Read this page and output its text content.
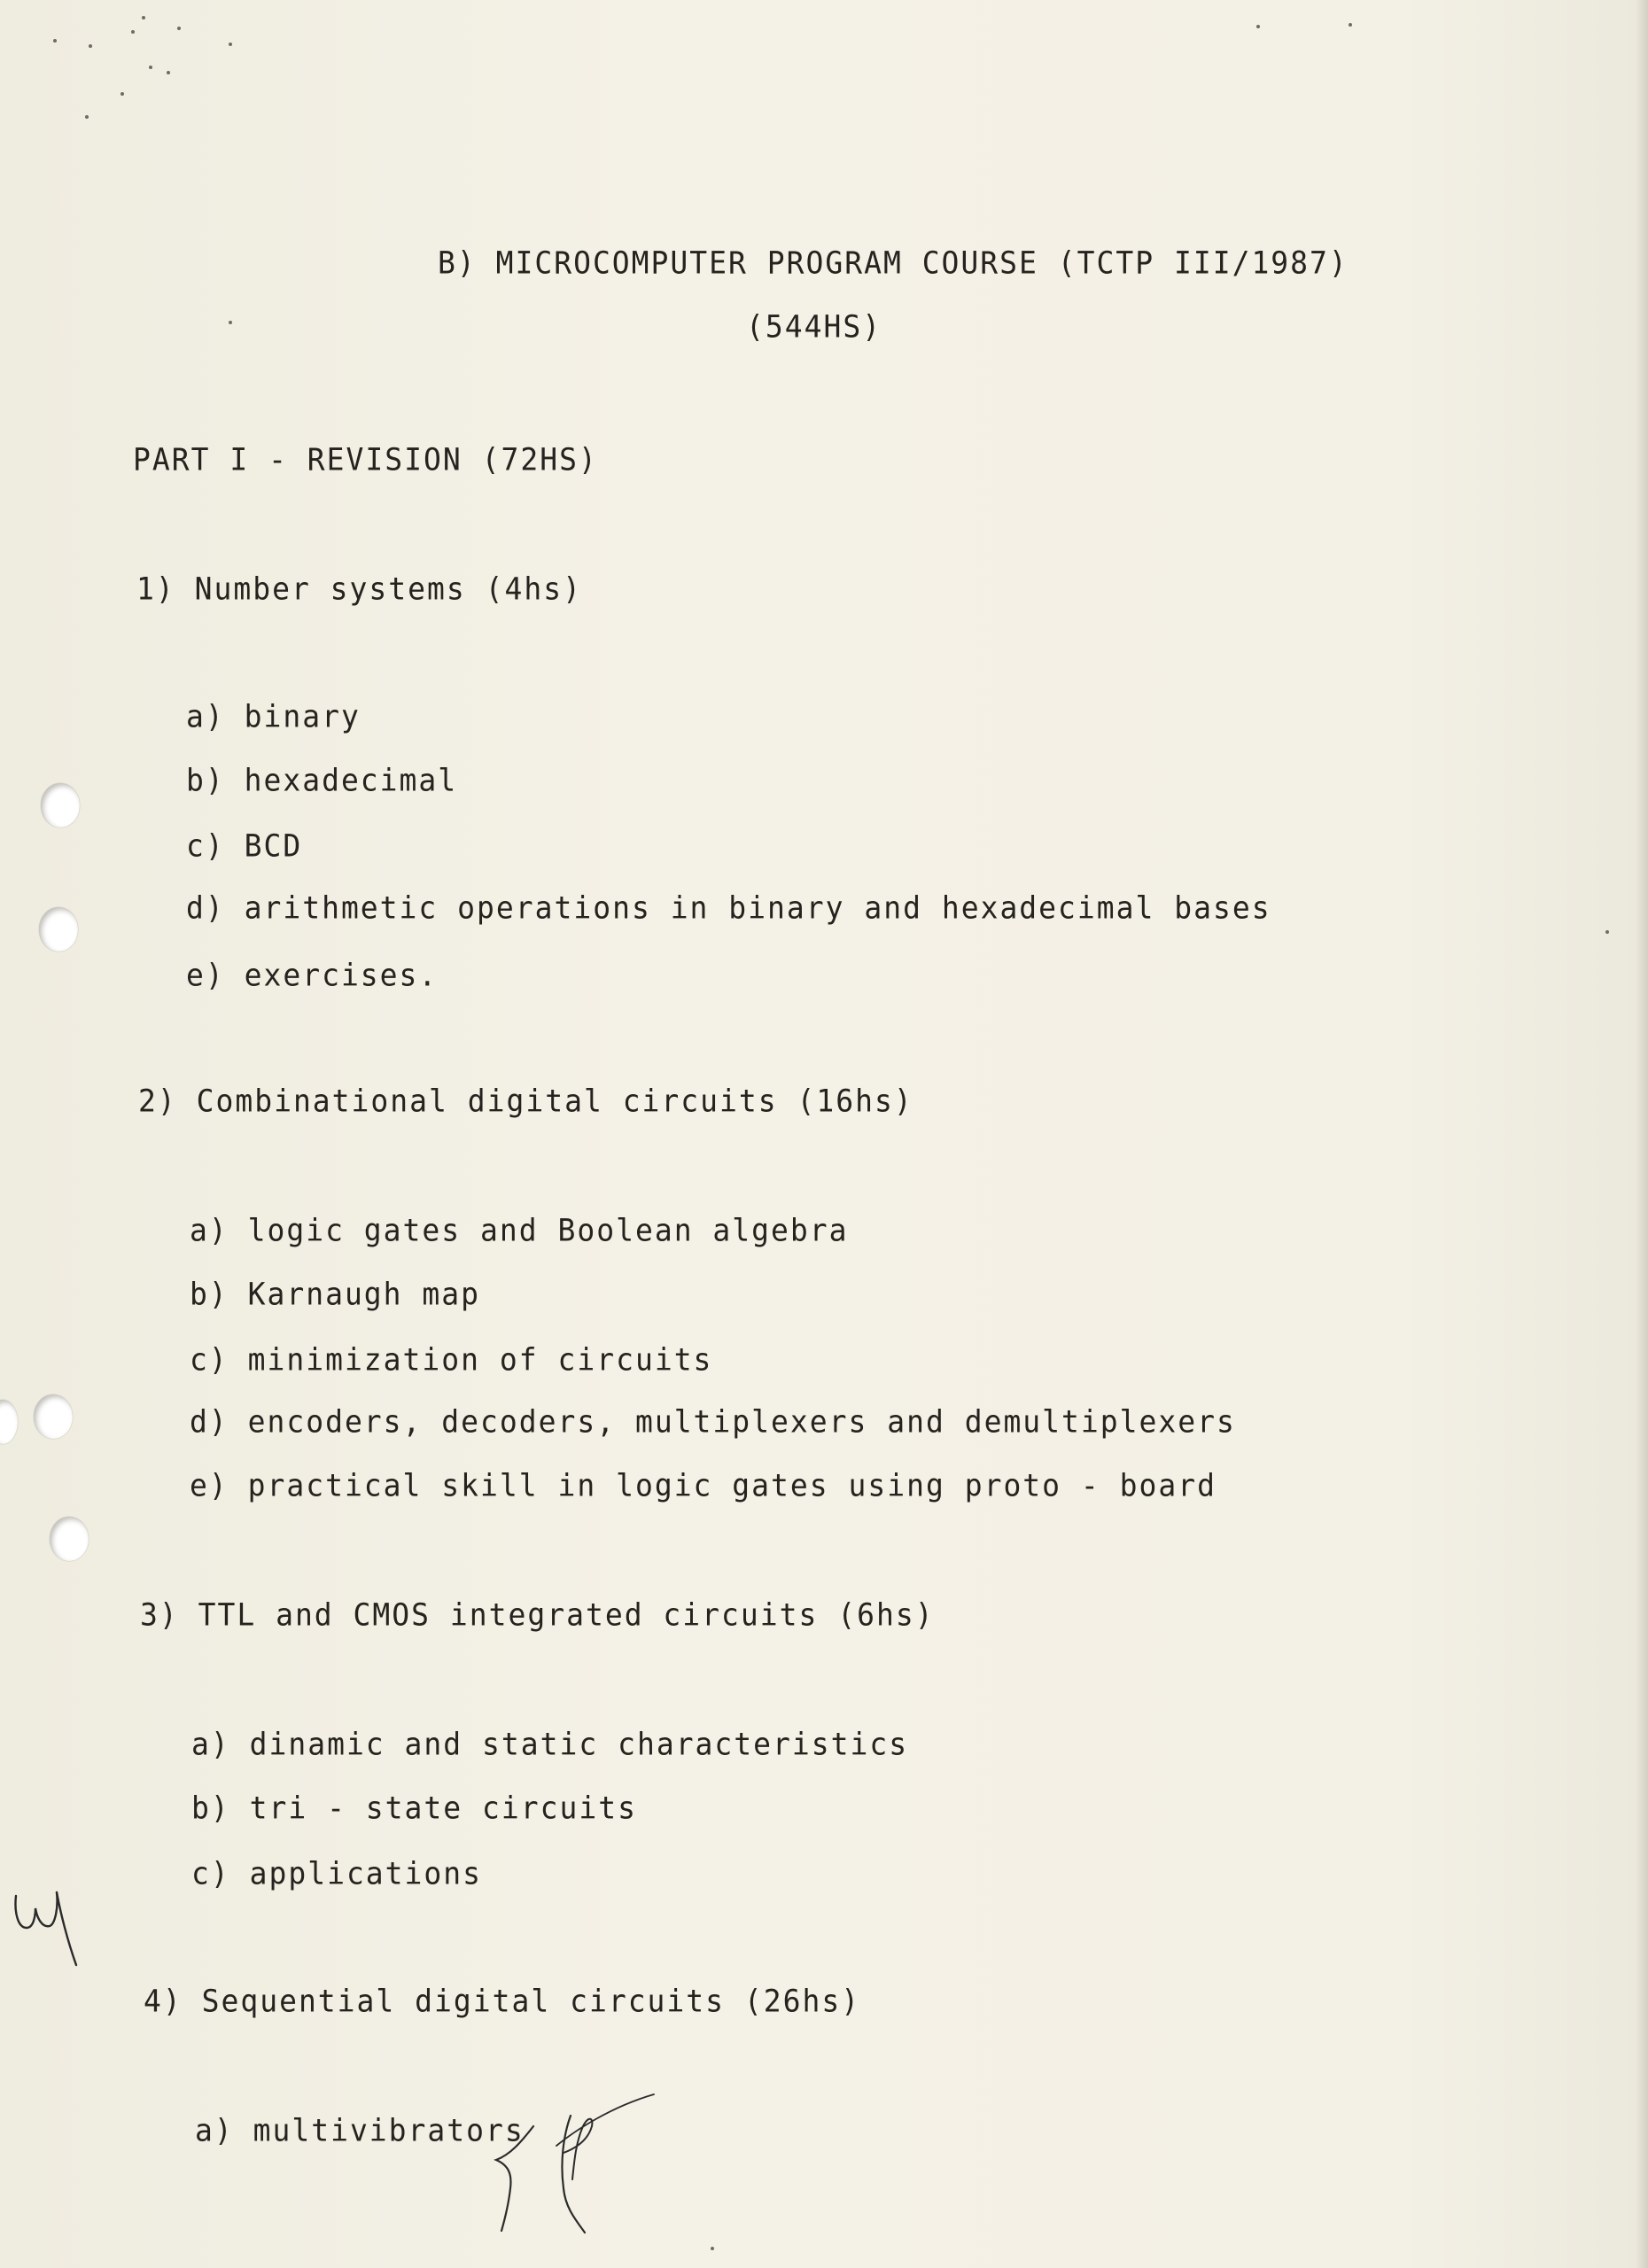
B) MICROCOMPUTER PROGRAM COURSE (TCTP III/1987)
(544HS)
PART I - REVISION (72HS)
1) Number systems (4hs)
a) binary
b) hexadecimal
c) BCD
d) arithmetic operations in binary and hexadecimal bases
e) exercises.
2) Combinational digital circuits (16hs)
a) logic gates and Boolean algebra
b) Karnaugh map
c) minimization of circuits
d) encoders, decoders, multiplexers and demultiplexers
e) practical skill in logic gates using proto - board
3) TTL and CMOS integrated circuits (6hs)
a) dinamic and static characteristics
b) tri - state circuits
c) applications
4) Sequential digital circuits (26hs)
a) multivibrators
